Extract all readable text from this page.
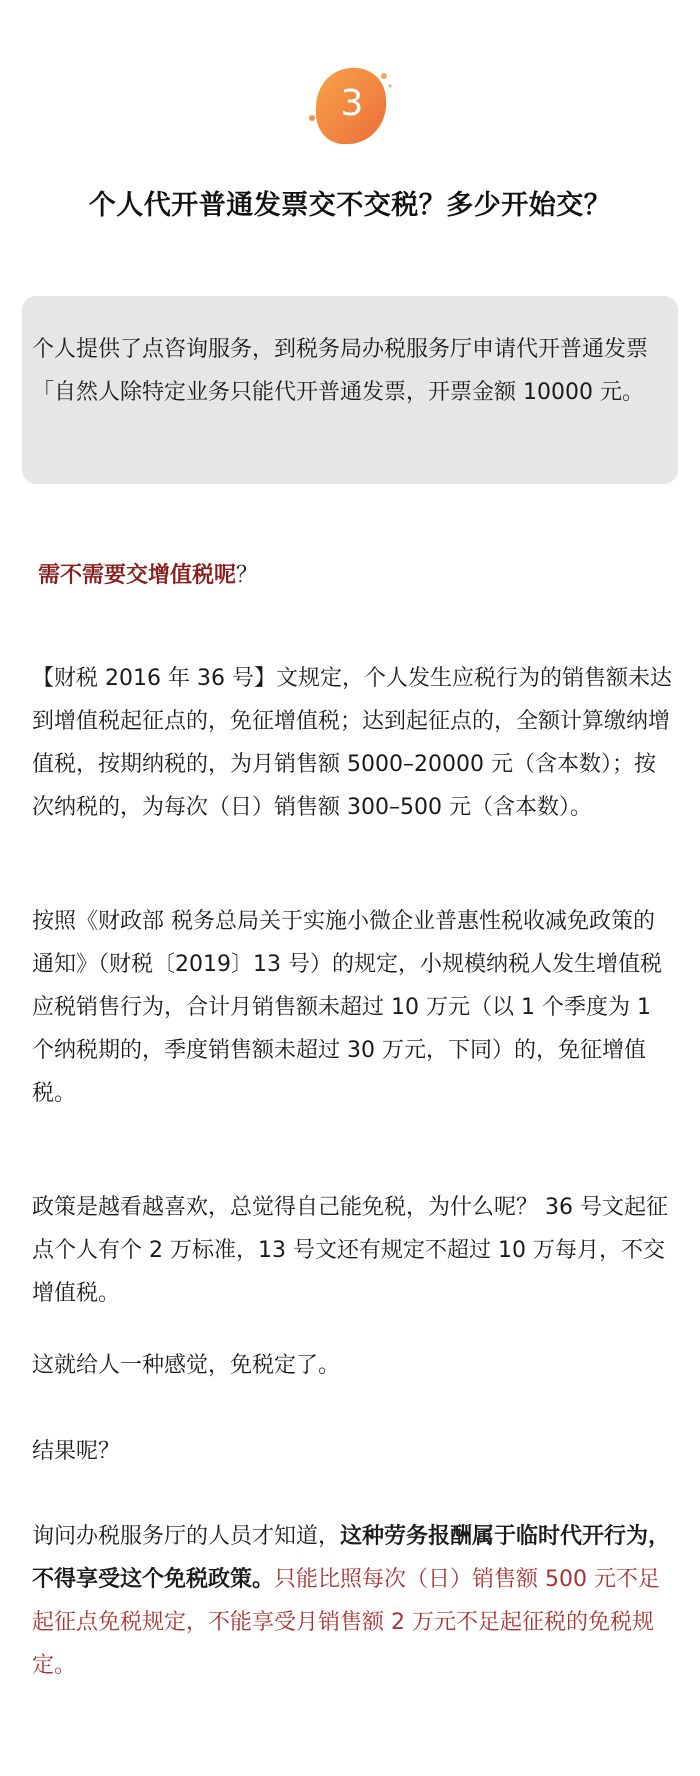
3
个人代开普通发票交不交税？多少开始交？

个人提供了点咨询服务，到税务局办税服务厅申请代开普通发票「自然人除特定业务只能代开普通发票，开票金额 10000 元。

需不需要交增值税呢？

【财税 2016 年 36 号】文规定，个人发生应税行为的销售额未达到增值税起征点的，免征增值税；达到起征点的，全额计算缴纳增值税，按期纳税的，为月销售额 5000–20000 元（含本数）；按次纳税的，为每次（日）销售额 300–500 元（含本数）。

按照《财政部 税务总局关于实施小微企业普惠性税收减免政策的通知》（财税〔2019〕13 号）的规定，小规模纳税人发生增值税应税销售行为，合计月销售额未超过 10 万元（以 1 个季度为 1 个纳税期的，季度销售额未超过 30 万元，下同）的，免征增值税。

政策是越看越喜欢，总觉得自己能免税，为什么呢？ 36 号文起征点个人有个 2 万标准，13 号文还有规定不超过 10 万每月，不交增值税。

这就给人一种感觉，免税定了。

结果呢？

询问办税服务厅的人员才知道，这种劳务报酬属于临时代开行为，不得享受这个免税政策。只能比照每次（日）销售额 500 元不足起征点免税规定，不能享受月销售额 2 万元不足起征税的免税规定。
